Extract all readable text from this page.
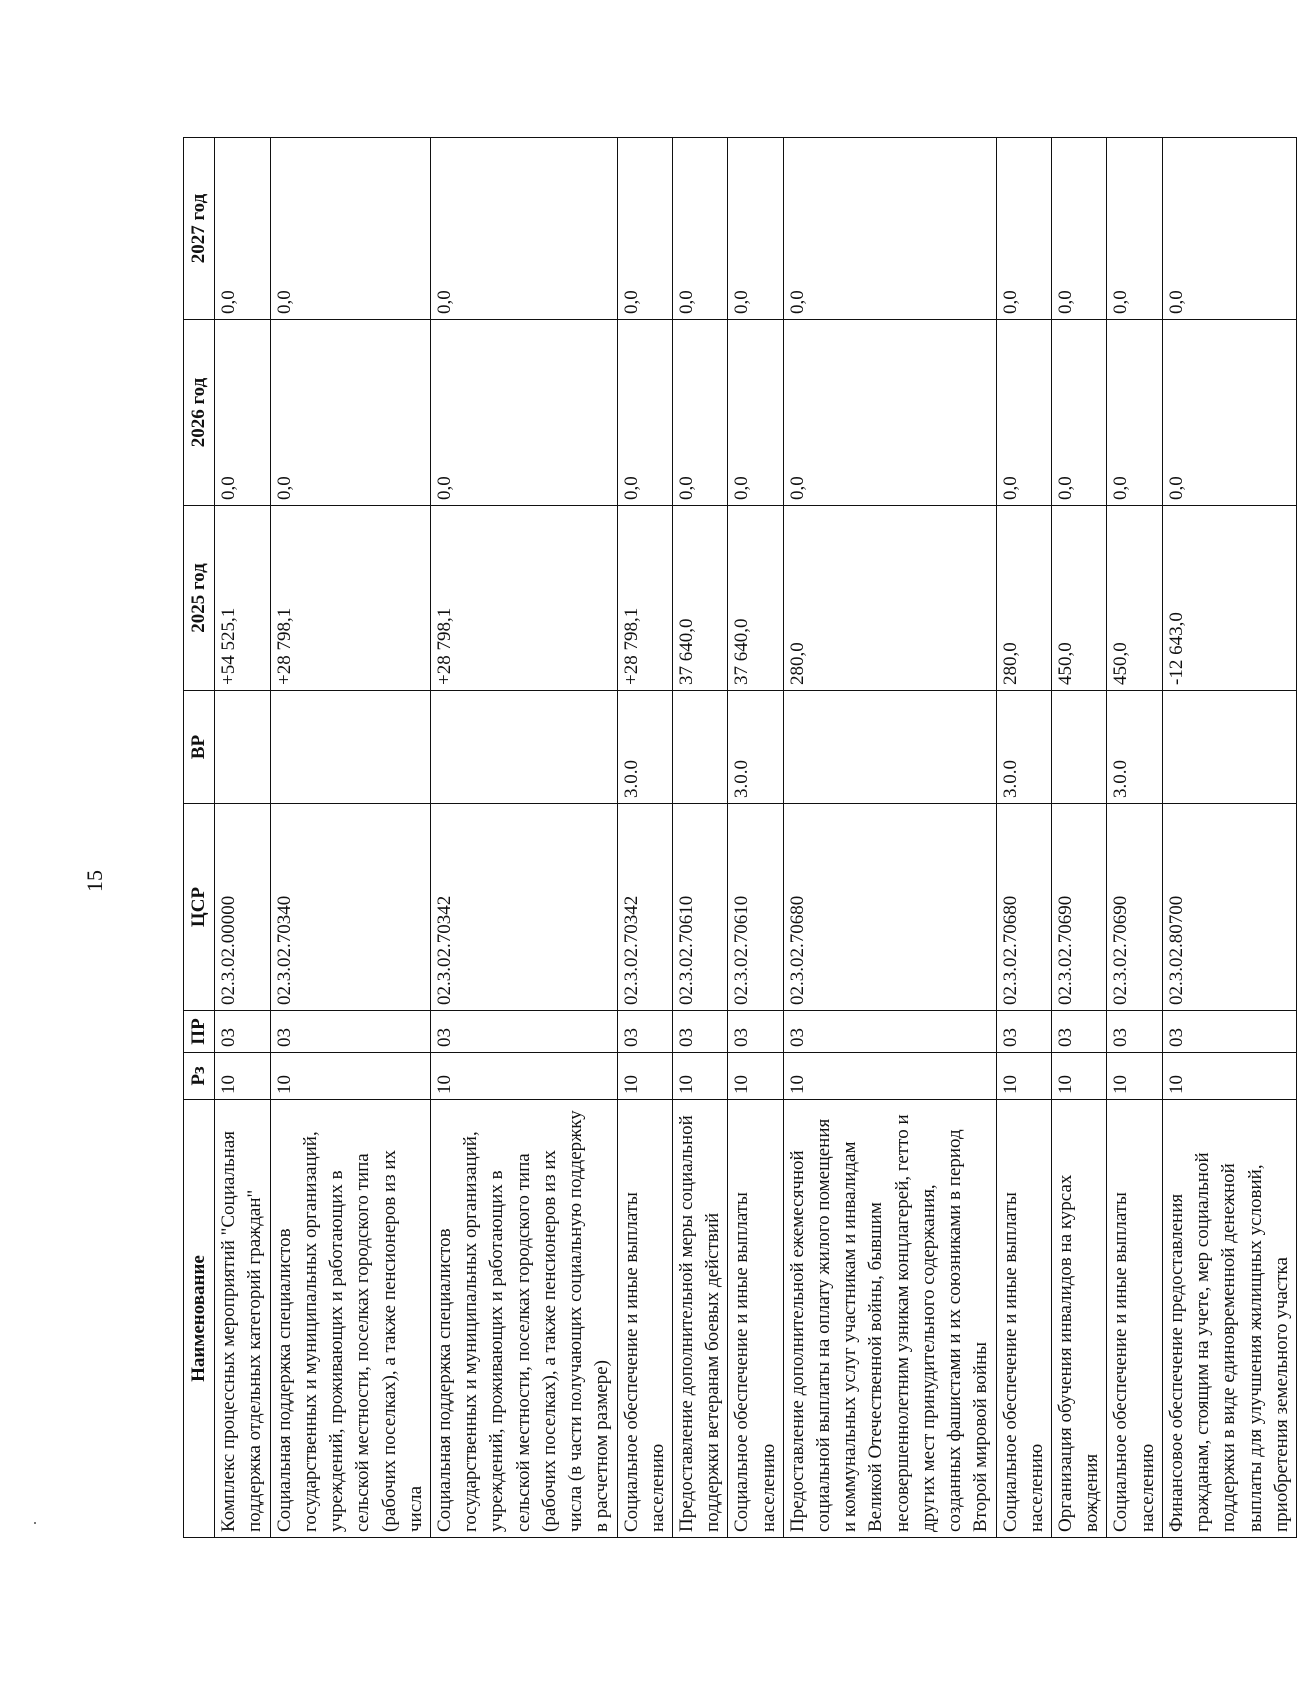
15
Наименование	Рз	ПР	ЦСР	ВР	2025 год	2026 год	2027 год
Комплекс процессных мероприятий "Социальная поддержка отдельных категорий граждан"	10	03	02.3.02.00000		+54 525,1	0,0	0,0
Социальная поддержка специалистов государственных и муниципальных организаций, учреждений, проживающих и работающих в сельской местности, поселках городского типа (рабочих поселках), а также пенсионеров из их числа	10	03	02.3.02.70340		+28 798,1	0,0	0,0
Социальная поддержка специалистов государственных и муниципальных организаций, учреждений, проживающих и работающих в сельской местности, поселках городского типа (рабочих поселках), а также пенсионеров из их числа (в части получающих социальную поддержку в расчетном размере)	10	03	02.3.02.70342		+28 798,1	0,0	0,0
Социальное обеспечение и иные выплаты населению	10	03	02.3.02.70342	3.0.0	+28 798,1	0,0	0,0
Предоставление дополнительной меры социальной поддержки ветеранам боевых действий	10	03	02.3.02.70610		37 640,0	0,0	0,0
Социальное обеспечение и иные выплаты населению	10	03	02.3.02.70610	3.0.0	37 640,0	0,0	0,0
Предоставление дополнительной ежемесячной социальной выплаты на оплату жилого помещения и коммунальных услуг участникам и инвалидам Великой Отечественной войны, бывшим несовершеннолетним узникам концлагерей, гетто и других мест принудительного содержания, созданных фашистами и их союзниками в период Второй мировой войны	10	03	02.3.02.70680		280,0	0,0	0,0
Социальное обеспечение и иные выплаты населению	10	03	02.3.02.70680	3.0.0	280,0	0,0	0,0
Организация обучения инвалидов на курсах вождения	10	03	02.3.02.70690		450,0	0,0	0,0
Социальное обеспечение и иные выплаты населению	10	03	02.3.02.70690	3.0.0	450,0	0,0	0,0
Финансовое обеспечение предоставления гражданам, стоящим на учете, мер социальной поддержки в виде единовременной денежной выплаты для улучшения жилищных условий, приобретения земельного участка	10	03	02.3.02.80700		-12 643,0	0,0	0,0
